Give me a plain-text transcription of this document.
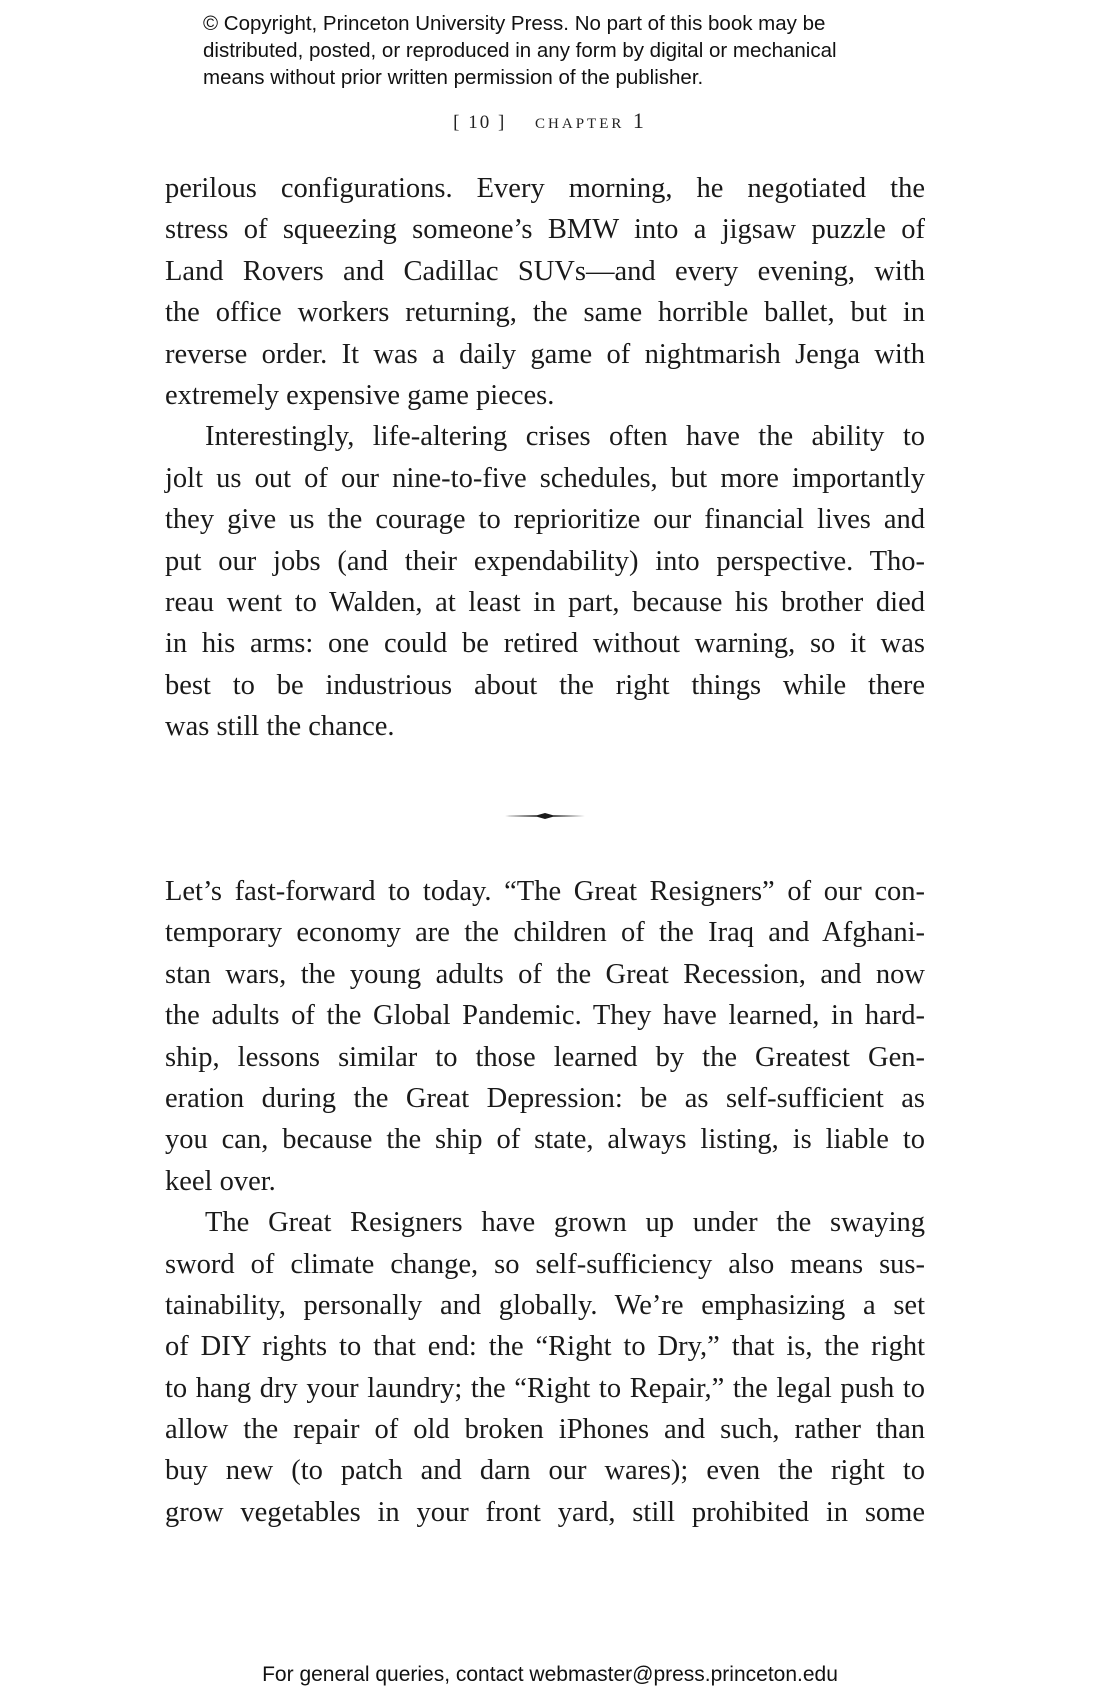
© Copyright, Princeton University Press. No part of this book may be
distributed, posted, or reproduced in any form by digital or mechanical
means without prior written permission of the publisher.
[ 10 ] chapter 1
perilous configurations. Every morning, he negotiated the
stress of squeezing someone’s BMW into a jigsaw puzzle of
Land Rovers and Cadillac SUVs—and every evening, with
the office workers returning, the same horrible ballet, but in
reverse order. It was a daily game of nightmarish Jenga with
extremely expensive game pieces.
Interestingly, life-altering crises often have the ability to
jolt us out of our nine-to-five schedules, but more importantly
they give us the courage to reprioritize our financial lives and
put our jobs (and their expendability) into perspective. Tho-
reau went to Walden, at least in part, because his brother died
in his arms: one could be retired without warning, so it was
best to be industrious about the right things while there
was still the chance.
Let’s fast-forward to today. “The Great Resigners” of our con-
temporary economy are the children of the Iraq and Afghani-
stan wars, the young adults of the Great Recession, and now
the adults of the Global Pandemic. They have learned, in hard-
ship, lessons similar to those learned by the Greatest Gen-
eration during the Great Depression: be as self-sufficient as
you can, because the ship of state, always listing, is liable to
keel over.
The Great Resigners have grown up under the swaying
sword of climate change, so self-sufficiency also means sus-
tainability, personally and globally. We’re emphasizing a set
of DIY rights to that end: the “Right to Dry,” that is, the right
to hang dry your laundry; the “Right to Repair,” the legal push to
allow the repair of old broken iPhones and such, rather than
buy new (to patch and darn our wares); even the right to
grow vegetables in your front yard, still prohibited in some
For general queries, contact webmaster@press.princeton.edu
